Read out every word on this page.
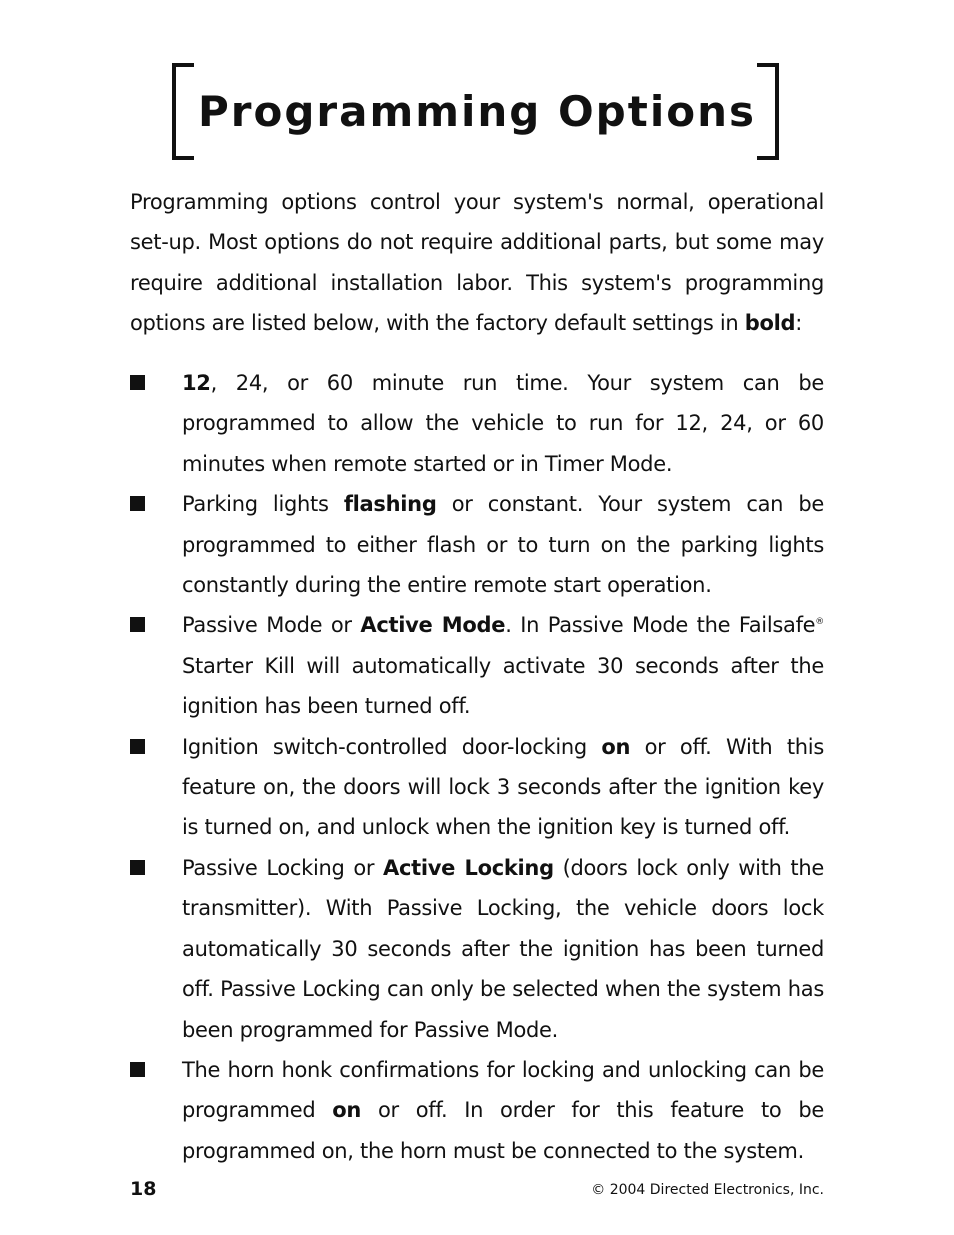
Programming Options

Programming options control your system's normal, operational set-up. Most options do not require additional parts, but some may require additional installation labor. This system's programming options are listed below, with the factory default settings in bold:

12, 24, or 60 minute run time. Your system can be programmed to allow the vehicle to run for 12, 24, or 60 minutes when remote started or in Timer Mode.
Parking lights flashing or constant. Your system can be programmed to either flash or to turn on the parking lights constantly during the entire remote start operation.
Passive Mode or Active Mode. In Passive Mode the Failsafe® Starter Kill will automatically activate 30 seconds after the ignition has been turned off.
Ignition switch-controlled door-locking on or off. With this feature on, the doors will lock 3 seconds after the ignition key is turned on, and unlock when the ignition key is turned off.
Passive Locking or Active Locking (doors lock only with the transmitter). With Passive Locking, the vehicle doors lock automatically 30 seconds after the ignition has been turned off. Passive Locking can only be selected when the system has been programmed for Passive Mode.
The horn honk confirmations for locking and unlocking can be programmed on or off. In order for this feature to be programmed on, the horn must be connected to the system.
18	© 2004 Directed Electronics, Inc.
